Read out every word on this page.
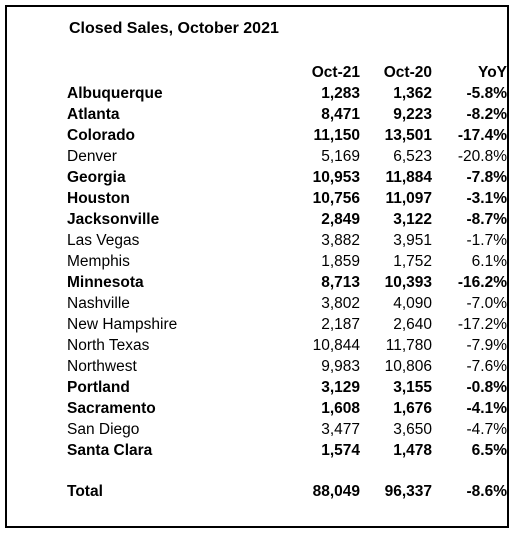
Closed Sales, October 2021
	Oct-21	Oct-20	YoY
Albuquerque	1,283	1,362	-5.8%
Atlanta	8,471	9,223	-8.2%
Colorado	11,150	13,501	-17.4%
Denver	5,169	6,523	-20.8%
Georgia	10,953	11,884	-7.8%
Houston	10,756	11,097	-3.1%
Jacksonville	2,849	3,122	-8.7%
Las Vegas	3,882	3,951	-1.7%
Memphis	1,859	1,752	6.1%
Minnesota	8,713	10,393	-16.2%
Nashville	3,802	4,090	-7.0%
New Hampshire	2,187	2,640	-17.2%
North Texas	10,844	11,780	-7.9%
Northwest	9,983	10,806	-7.6%
Portland	3,129	3,155	-0.8%
Sacramento	1,608	1,676	-4.1%
San Diego	3,477	3,650	-4.7%
Santa Clara	1,574	1,478	6.5%

Total	88,049	96,337	-8.6%
